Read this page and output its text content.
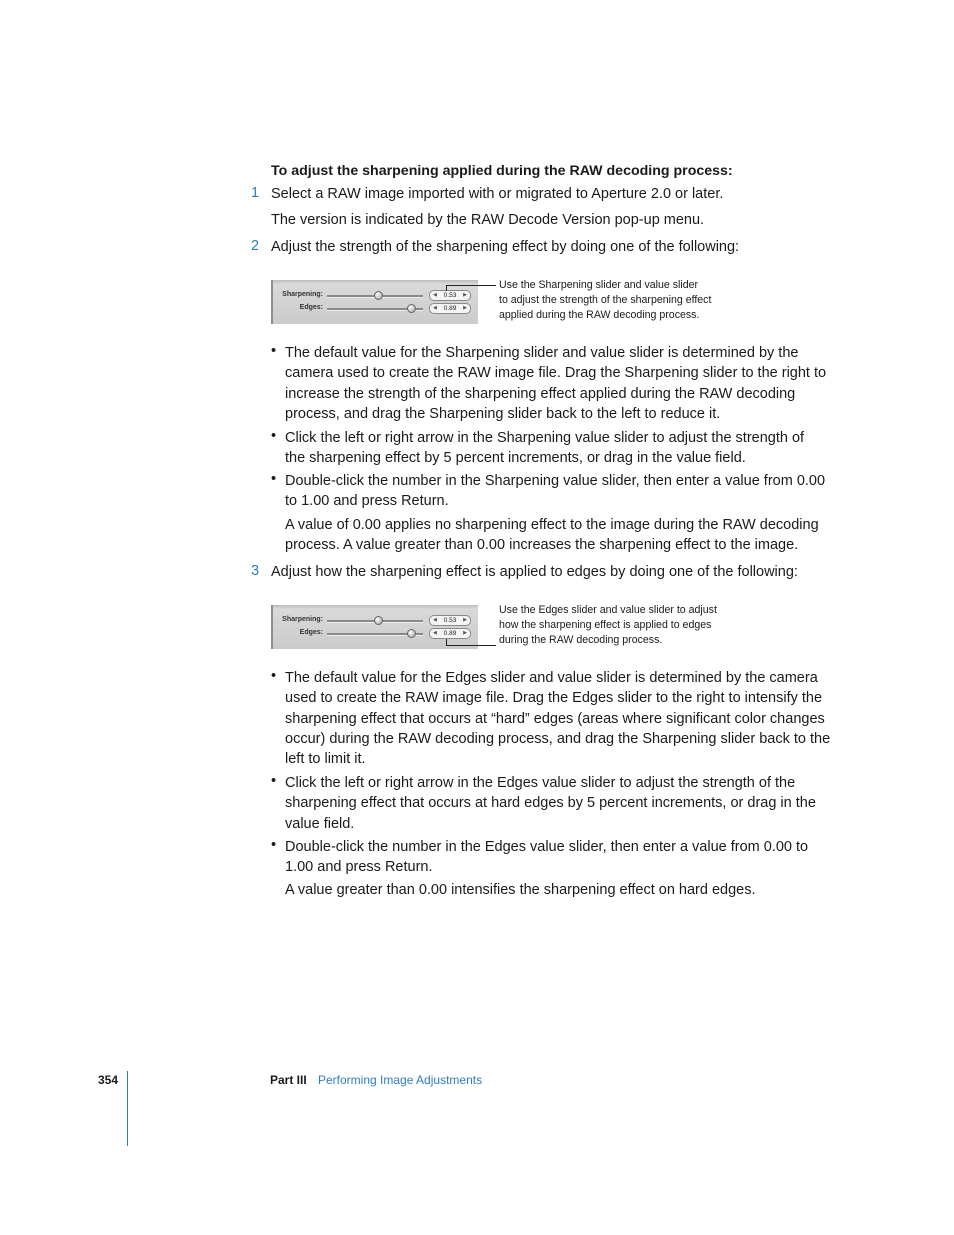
To adjust the sharpening applied during the RAW decoding process:
1 Select a RAW image imported with or migrated to Aperture 2.0 or later.
The version is indicated by the RAW Decode Version pop-up menu.
2 Adjust the strength of the sharpening effect by doing one of the following:
Sharpening:	◀ 0.53 ▶
Edges:	◀ 0.89 ▶
Use the Sharpening slider and value slider
to adjust the strength of the sharpening effect
applied during the RAW decoding process.
• The default value for the Sharpening slider and value slider is determined by the
camera used to create the RAW image file. Drag the Sharpening slider to the right to
increase the strength of the sharpening effect applied during the RAW decoding
process, and drag the Sharpening slider back to the left to reduce it.
• Click the left or right arrow in the Sharpening value slider to adjust the strength of
the sharpening effect by 5 percent increments, or drag in the value field.
• Double-click the number in the Sharpening value slider, then enter a value from 0.00
to 1.00 and press Return.
A value of 0.00 applies no sharpening effect to the image during the RAW decoding
process. A value greater than 0.00 increases the sharpening effect to the image.
3 Adjust how the sharpening effect is applied to edges by doing one of the following:
Sharpening:	◀ 0.53 ▶
Edges:	◀ 0.89 ▶
Use the Edges slider and value slider to adjust
how the sharpening effect is applied to edges
during the RAW decoding process.
• The default value for the Edges slider and value slider is determined by the camera
used to create the RAW image file. Drag the Edges slider to the right to intensify the
sharpening effect that occurs at “hard” edges (areas where significant color changes
occur) during the RAW decoding process, and drag the Sharpening slider back to the
left to limit it.
• Click the left or right arrow in the Edges value slider to adjust the strength of the
sharpening effect that occurs at hard edges by 5 percent increments, or drag in the
value field.
• Double-click the number in the Edges value slider, then enter a value from 0.00 to
1.00 and press Return.
A value greater than 0.00 intensifies the sharpening effect on hard edges.
354	Part III Performing Image Adjustments
